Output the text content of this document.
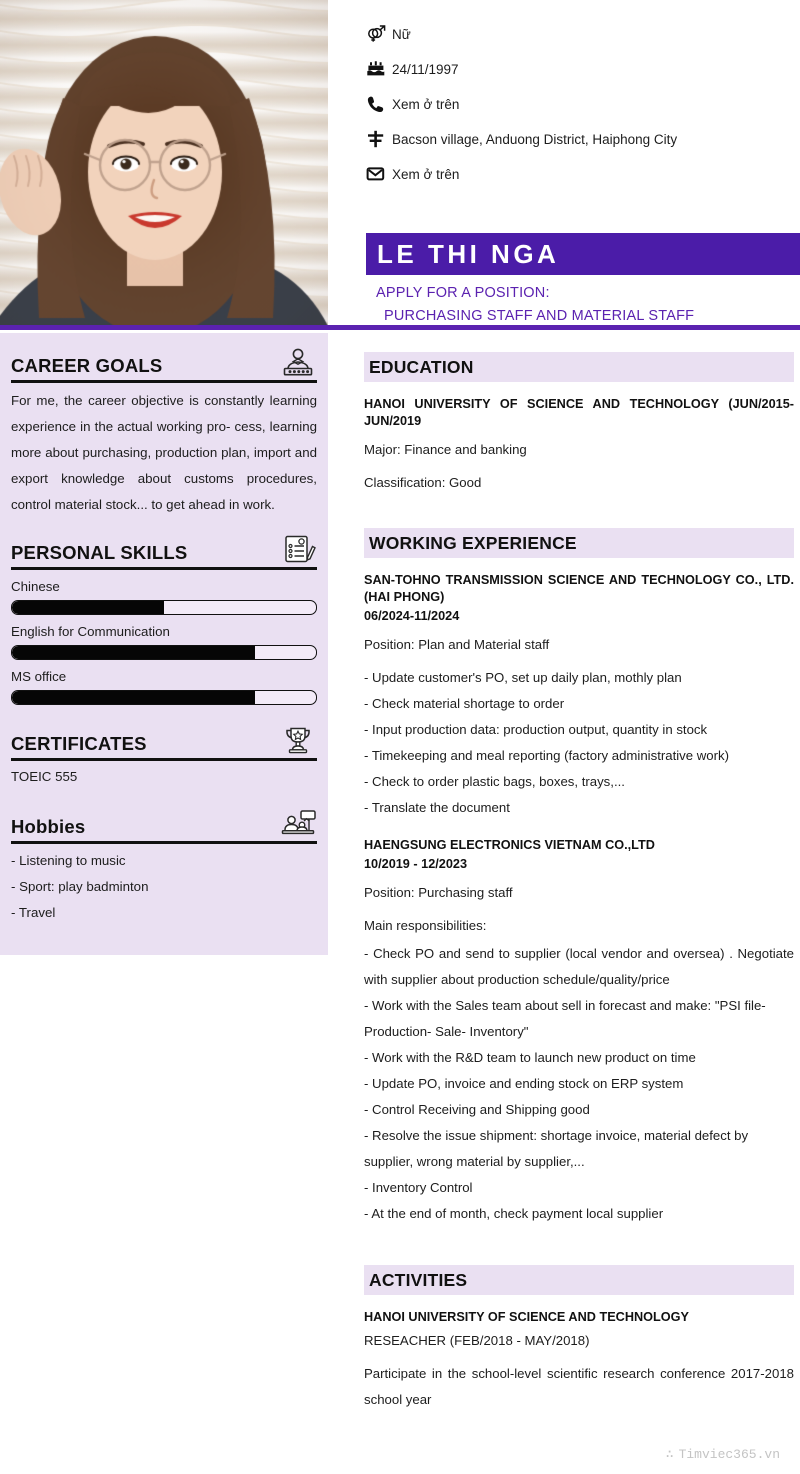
Nữ
24/11/1997
Xem ở trên
Bacson village, Anduong District, Haiphong City
Xem ở trên
LE THI NGA
APPLY FOR A POSITION:
PURCHASING STAFF AND MATERIAL STAFF
CAREER GOALS
For me, the career objective is constantly learning experience in the actual working pro- cess, learning more about purchasing, production plan, import and export knowledge about customs procedures, control material stock... to get ahead in work.
PERSONAL SKILLS
Chinese
English for Communication
MS office
CERTIFICATES
TOEIC 555
Hobbies
- Listening to music
- Sport: play badminton
- Travel
EDUCATION
HANOI UNIVERSITY OF SCIENCE AND TECHNOLOGY (JUN/2015-JUN/2019
Major: Finance and banking
Classification: Good
WORKING EXPERIENCE
SAN-TOHNO TRANSMISSION SCIENCE AND TECHNOLOGY CO., LTD. (HAI PHONG)
06/2024-11/2024
Position: Plan and Material staff
- Update customer's PO, set up daily plan, mothly plan
- Check material shortage to order
- Input production data: production output, quantity in stock
- Timekeeping and meal reporting (factory administrative work)
- Check to order plastic bags, boxes, trays,...
- Translate the document
HAENGSUNG ELECTRONICS VIETNAM CO.,LTD
10/2019 - 12/2023
Position: Purchasing staff
Main responsibilities:
- Check PO and send to supplier (local vendor and oversea) . Negotiate with supplier about production schedule/quality/price
- Work with the Sales team about sell in forecast and make: "PSI file- Production- Sale- Inventory"
- Work with the R&D team to launch new product on time
- Update PO, invoice and ending stock on ERP system
- Control Receiving and Shipping good
- Resolve the issue shipment: shortage invoice, material defect by supplier, wrong material by supplier,...
- Inventory Control
- At the end of month, check payment local supplier
ACTIVITIES
HANOI UNIVERSITY OF SCIENCE AND TECHNOLOGY
RESEACHER (FEB/2018 - MAY/2018)
Participate in the school-level scientific research conference 2017-2018 school year
∴ Timviec365.vn
